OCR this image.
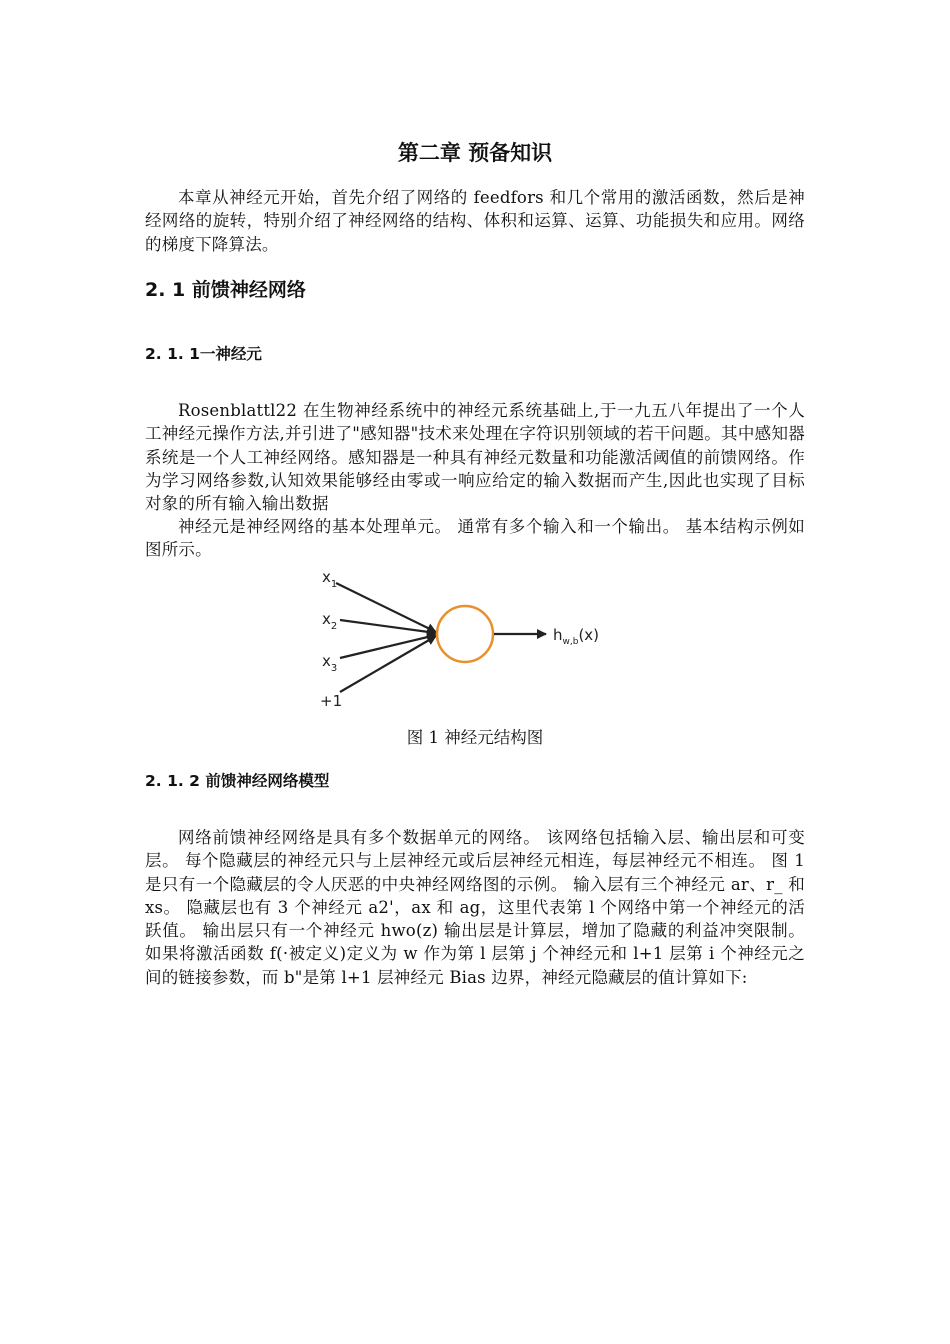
第二章 预备知识

本章从神经元开始，首先介绍了网络的 feedfors 和几个常用的激活函数，然后是神经网络的旋转，特别介绍了神经网络的结构、体积和运算、运算、功能损失和应用。网络的梯度下降算法。

2. 1 前馈神经网络
2. 1. 1一神经元

Rosenblattl22 在生物神经系统中的神经元系统基础上,于一九五八年提出了一个人工神经元操作方法,并引进了"感知器"技术来处理在字符识别领域的若干问题。其中感知器系统是一个人工神经网络。感知器是一种具有神经元数量和功能激活阈值的前馈网络。作为学习网络参数,认知效果能够经由零或一响应给定的输入数据而产生,因此也实现了目标对象的所有输入输出数据

神经元是神经网络的基本处理单元。 通常有多个输入和一个输出。 基本结构示例如图所示。

$x_1$
$x_2$
$x_3$
+1
$h_{w,b}(x)$

图 1 神经元结构图

2. 1. 2 前馈神经网络模型

网络前馈神经网络是具有多个数据单元的网络。 该网络包括输入层、输出层和可变层。 每个隐藏层的神经元只与上层神经元或后层神经元相连，每层神经元不相连。 图 1 是只有一个隐藏层的令人厌恶的中央神经网络图的示例。 输入层有三个神经元 ar、r_ 和 xs。 隐藏层也有 3 个神经元 a2'，ax 和 ag，这里代表第 l 个网络中第一个神经元的活跃值。 输出层只有一个神经元 hwo(z) 输出层是计算层，增加了隐藏的利益冲突限制。 如果将激活函数 f(·被定义)定义为 w 作为第 l 层第 j 个神经元和 l+1 层第 i 个神经元之间的链接参数，而 b"是第 l+1 层神经元 Bias 边界，神经元隐藏层的值计算如下:
